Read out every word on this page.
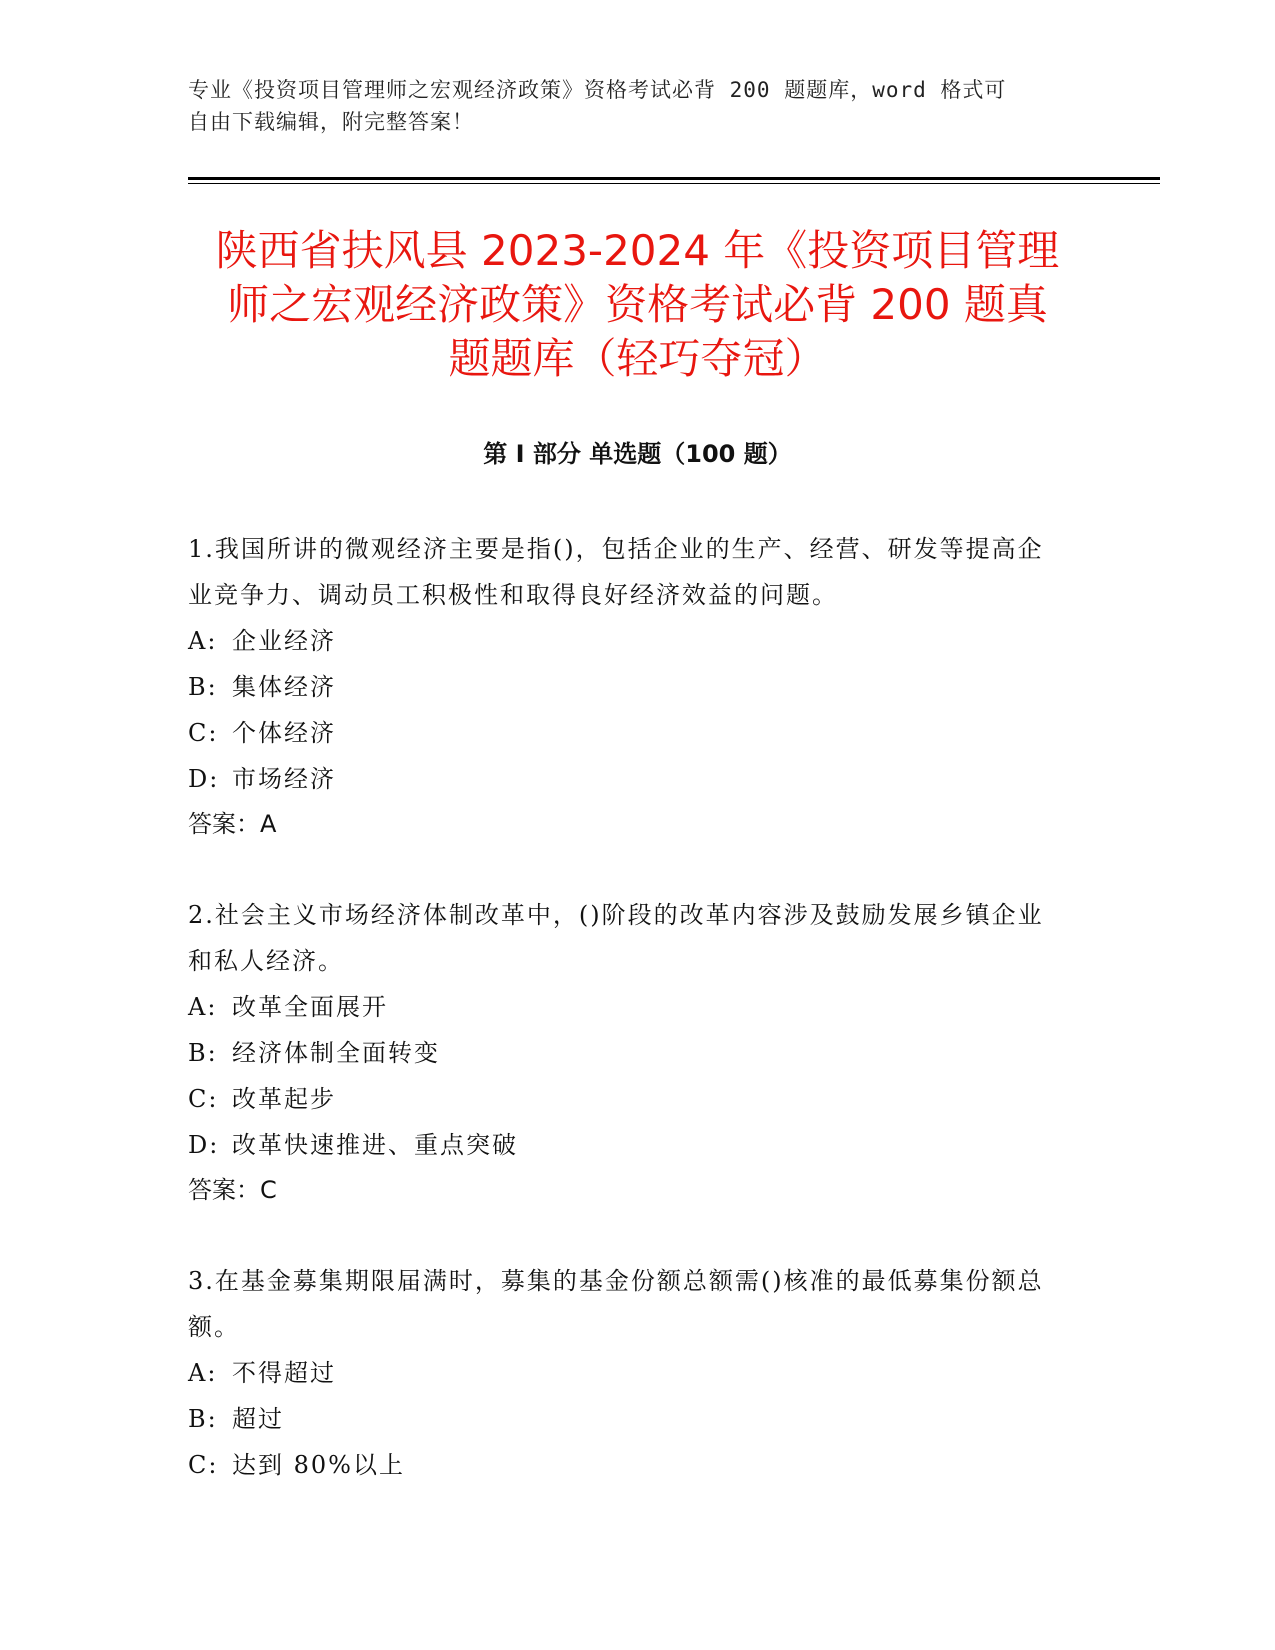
专业《投资项目管理师之宏观经济政策》资格考试必背 200 题题库，word 格式可
自由下载编辑，附完整答案！
陕西省扶风县 2023-2024 年《投资项目管理
师之宏观经济政策》资格考试必背 200 题真
题题库（轻巧夺冠）
第 I 部分 单选题（100 题）

1.我国所讲的微观经济主要是指()，包括企业的生产、经营、研发等提高企业竞争力、调动员工积极性和取得良好经济效益的问题。

A: 企业经济
B: 集体经济
C: 个体经济
D: 市场经济

答案：A

2.社会主义市场经济体制改革中，()阶段的改革内容涉及鼓励发展乡镇企业和私人经济。

A: 改革全面展开
B: 经济体制全面转变
C: 改革起步
D: 改革快速推进、重点突破

答案：C

3.在基金募集期限届满时，募集的基金份额总额需()核准的最低募集份额总额。

A: 不得超过
B: 超过
C: 达到 80%以上
